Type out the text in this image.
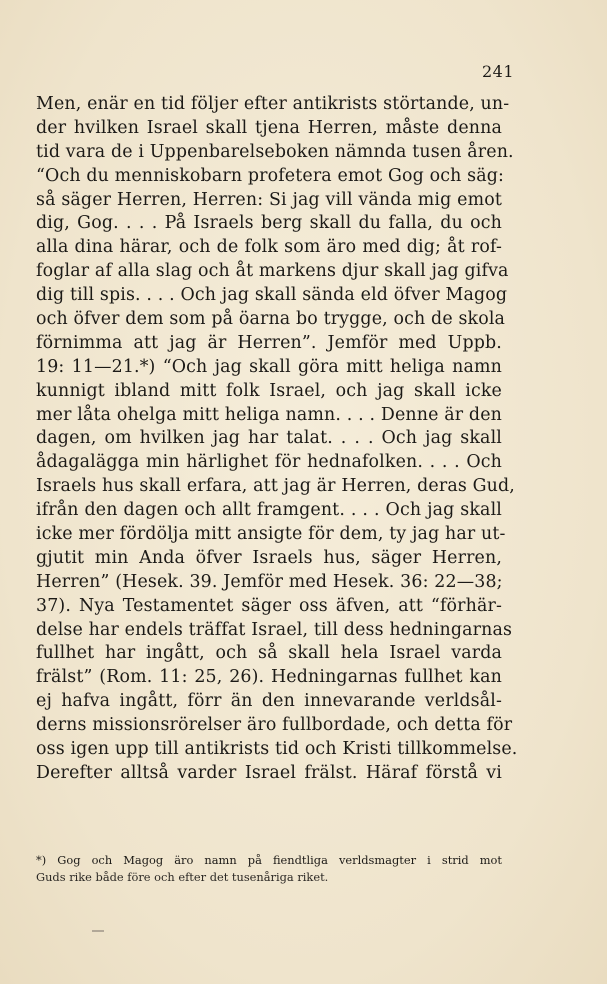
241
Men, enär en tid följer efter antikrists störtande, un-
der hvilken Israel skall tjena Herren, måste denna
tid vara de i Uppenbarelseboken nämnda tusen åren.
“Och du menniskobarn profetera emot Gog och säg:
så säger Herren, Herren: Si jag vill vända mig emot
dig, Gog. . . . På Israels berg skall du falla, du och
alla dina härar, och de folk som äro med dig; åt rof-
foglar af alla slag och åt markens djur skall jag gifva
dig till spis. . . . Och jag skall sända eld öfver Magog
och öfver dem som på öarna bo trygge, och de skola
förnimma att jag är Herren”. Jemför med Uppb.
19: 11—21.*) “Och jag skall göra mitt heliga namn
kunnigt ibland mitt folk Israel, och jag skall icke
mer låta ohelga mitt heliga namn. . . . Denne är den
dagen, om hvilken jag har talat. . . . Och jag skall
ådagalägga min härlighet för hednafolken. . . . Och
Israels hus skall erfara, att jag är Herren, deras Gud,
ifrån den dagen och allt framgent. . . . Och jag skall
icke mer fördölja mitt ansigte för dem, ty jag har ut-
gjutit min Anda öfver Israels hus, säger Herren,
Herren” (Hesek. 39. Jemför med Hesek. 36: 22—38;
37). Nya Testamentet säger oss äfven, att “förhär-
delse har endels träffat Israel, till dess hedningarnas
fullhet har ingått, och så skall hela Israel varda
frälst” (Rom. 11: 25, 26). Hedningarnas fullhet kan
ej hafva ingått, förr än den innevarande verldsål-
derns missionsrörelser äro fullbordade, och detta för
oss igen upp till antikrists tid och Kristi tillkommelse.
Derefter alltså varder Israel frälst. Häraf förstå vi
*) Gog och Magog äro namn på fiendtliga verldsmagter i strid mot
Guds rike både före och efter det tusenåriga riket.
